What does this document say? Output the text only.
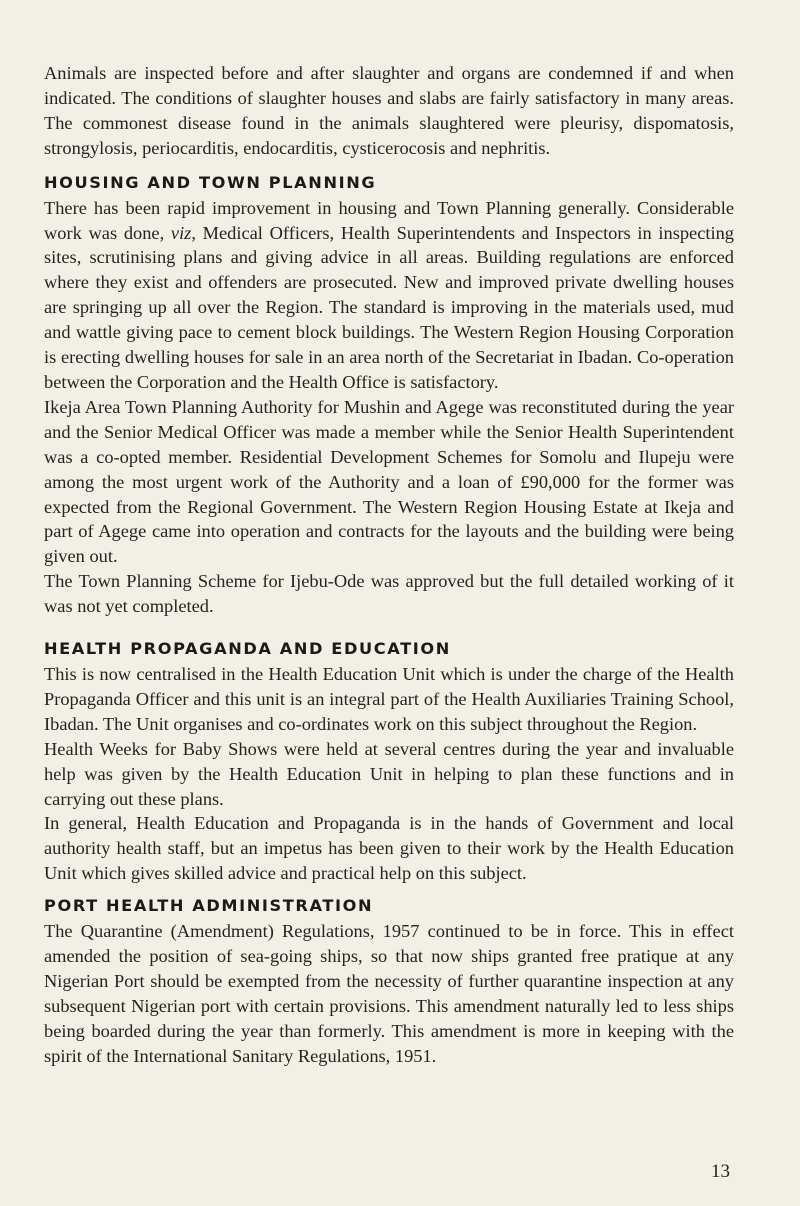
Animals are inspected before and after slaughter and organs are condemned if and when indicated. The conditions of slaughter houses and slabs are fairly satisfactory in many areas. The commonest disease found in the animals slaughtered were pleurisy, dispomatosis, strongylosis, periocarditis, endocarditis, cysticerocosis and nephritis.

HOUSING AND TOWN PLANNING

There has been rapid improvement in housing and Town Planning generally. Considerable work was done, viz, Medical Officers, Health Superintendents and Inspectors in inspecting sites, scrutinising plans and giving advice in all areas. Building regulations are enforced where they exist and offenders are prosecuted. New and improved private dwelling houses are springing up all over the Region. The standard is improving in the materials used, mud and wattle giving pace to cement block buildings. The Western Region Housing Corporation is erecting dwelling houses for sale in an area north of the Secretariat in Ibadan. Co-operation between the Corporation and the Health Office is satisfactory.

Ikeja Area Town Planning Authority for Mushin and Agege was reconstituted during the year and the Senior Medical Officer was made a member while the Senior Health Superintendent was a co-opted member. Residential Development Schemes for Somolu and Ilupeju were among the most urgent work of the Authority and a loan of £90,000 for the former was expected from the Regional Government. The Western Region Housing Estate at Ikeja and part of Agege came into operation and contracts for the layouts and the building were being given out.

The Town Planning Scheme for Ijebu-Ode was approved but the full detailed working of it was not yet completed.

HEALTH PROPAGANDA AND EDUCATION

This is now centralised in the Health Education Unit which is under the charge of the Health Propaganda Officer and this unit is an integral part of the Health Auxiliaries Training School, Ibadan. The Unit organises and co-ordinates work on this subject throughout the Region.

Health Weeks for Baby Shows were held at several centres during the year and invaluable help was given by the Health Education Unit in helping to plan these functions and in carrying out these plans.

In general, Health Education and Propaganda is in the hands of Government and local authority health staff, but an impetus has been given to their work by the Health Education Unit which gives skilled advice and practical help on this subject.

PORT HEALTH ADMINISTRATION

The Quarantine (Amendment) Regulations, 1957 continued to be in force. This in effect amended the position of sea-going ships, so that now ships granted free pratique at any Nigerian Port should be exempted from the necessity of further quarantine inspection at any subsequent Nigerian port with certain provisions. This amendment naturally led to less ships being boarded during the year than formerly. This amendment is more in keeping with the spirit of the International Sanitary Regulations, 1951.

13
